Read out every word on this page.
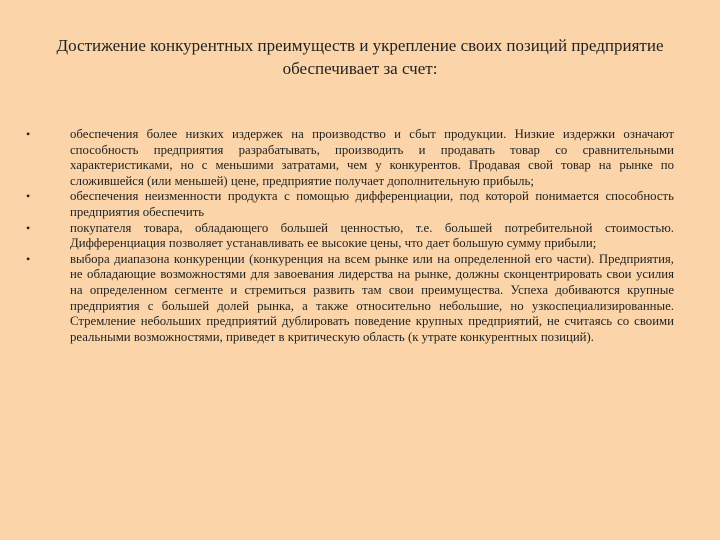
Достижение конкурентных преимуществ и укрепление своих позиций предприятие обеспечивает за счет:
•	обеспечения более низких издержек на производство и сбыт продукции. Низкие издержки означают способность предприятия разрабатывать, производить и продавать товар со сравнительными характеристиками, но с меньшими затратами, чем у конкурентов. Продавая свой товар на рынке по сложившейся (или меньшей) цене, предприятие получает дополнительную прибыль;
•	обеспечения неизменности продукта с помощью дифференциации, под которой понимается способность предприятия обеспечить
•	покупателя товара, обладающего большей ценностью, т.е. большей потребительной стоимостью. Дифференциация позволяет устанавливать ее высокие цены, что дает большую сумму прибыли;
•	выбора диапазона конкуренции (конкуренция на всем рынке или на определенной его части). Предприятия, не обладающие возможностями для завоевания лидерства на рынке, должны сконцентрировать свои усилия на определенном сегменте и стремиться развить там свои преимущества. Успеха добиваются крупные предприятия с большей долей рынка, а также относительно небольшие, но узкоспециализированные. Стремление небольших предприятий дублировать поведение крупных предприятий, не считаясь со своими реальными возможностями, приведет в критическую область (к утрате конкурентных позиций).
